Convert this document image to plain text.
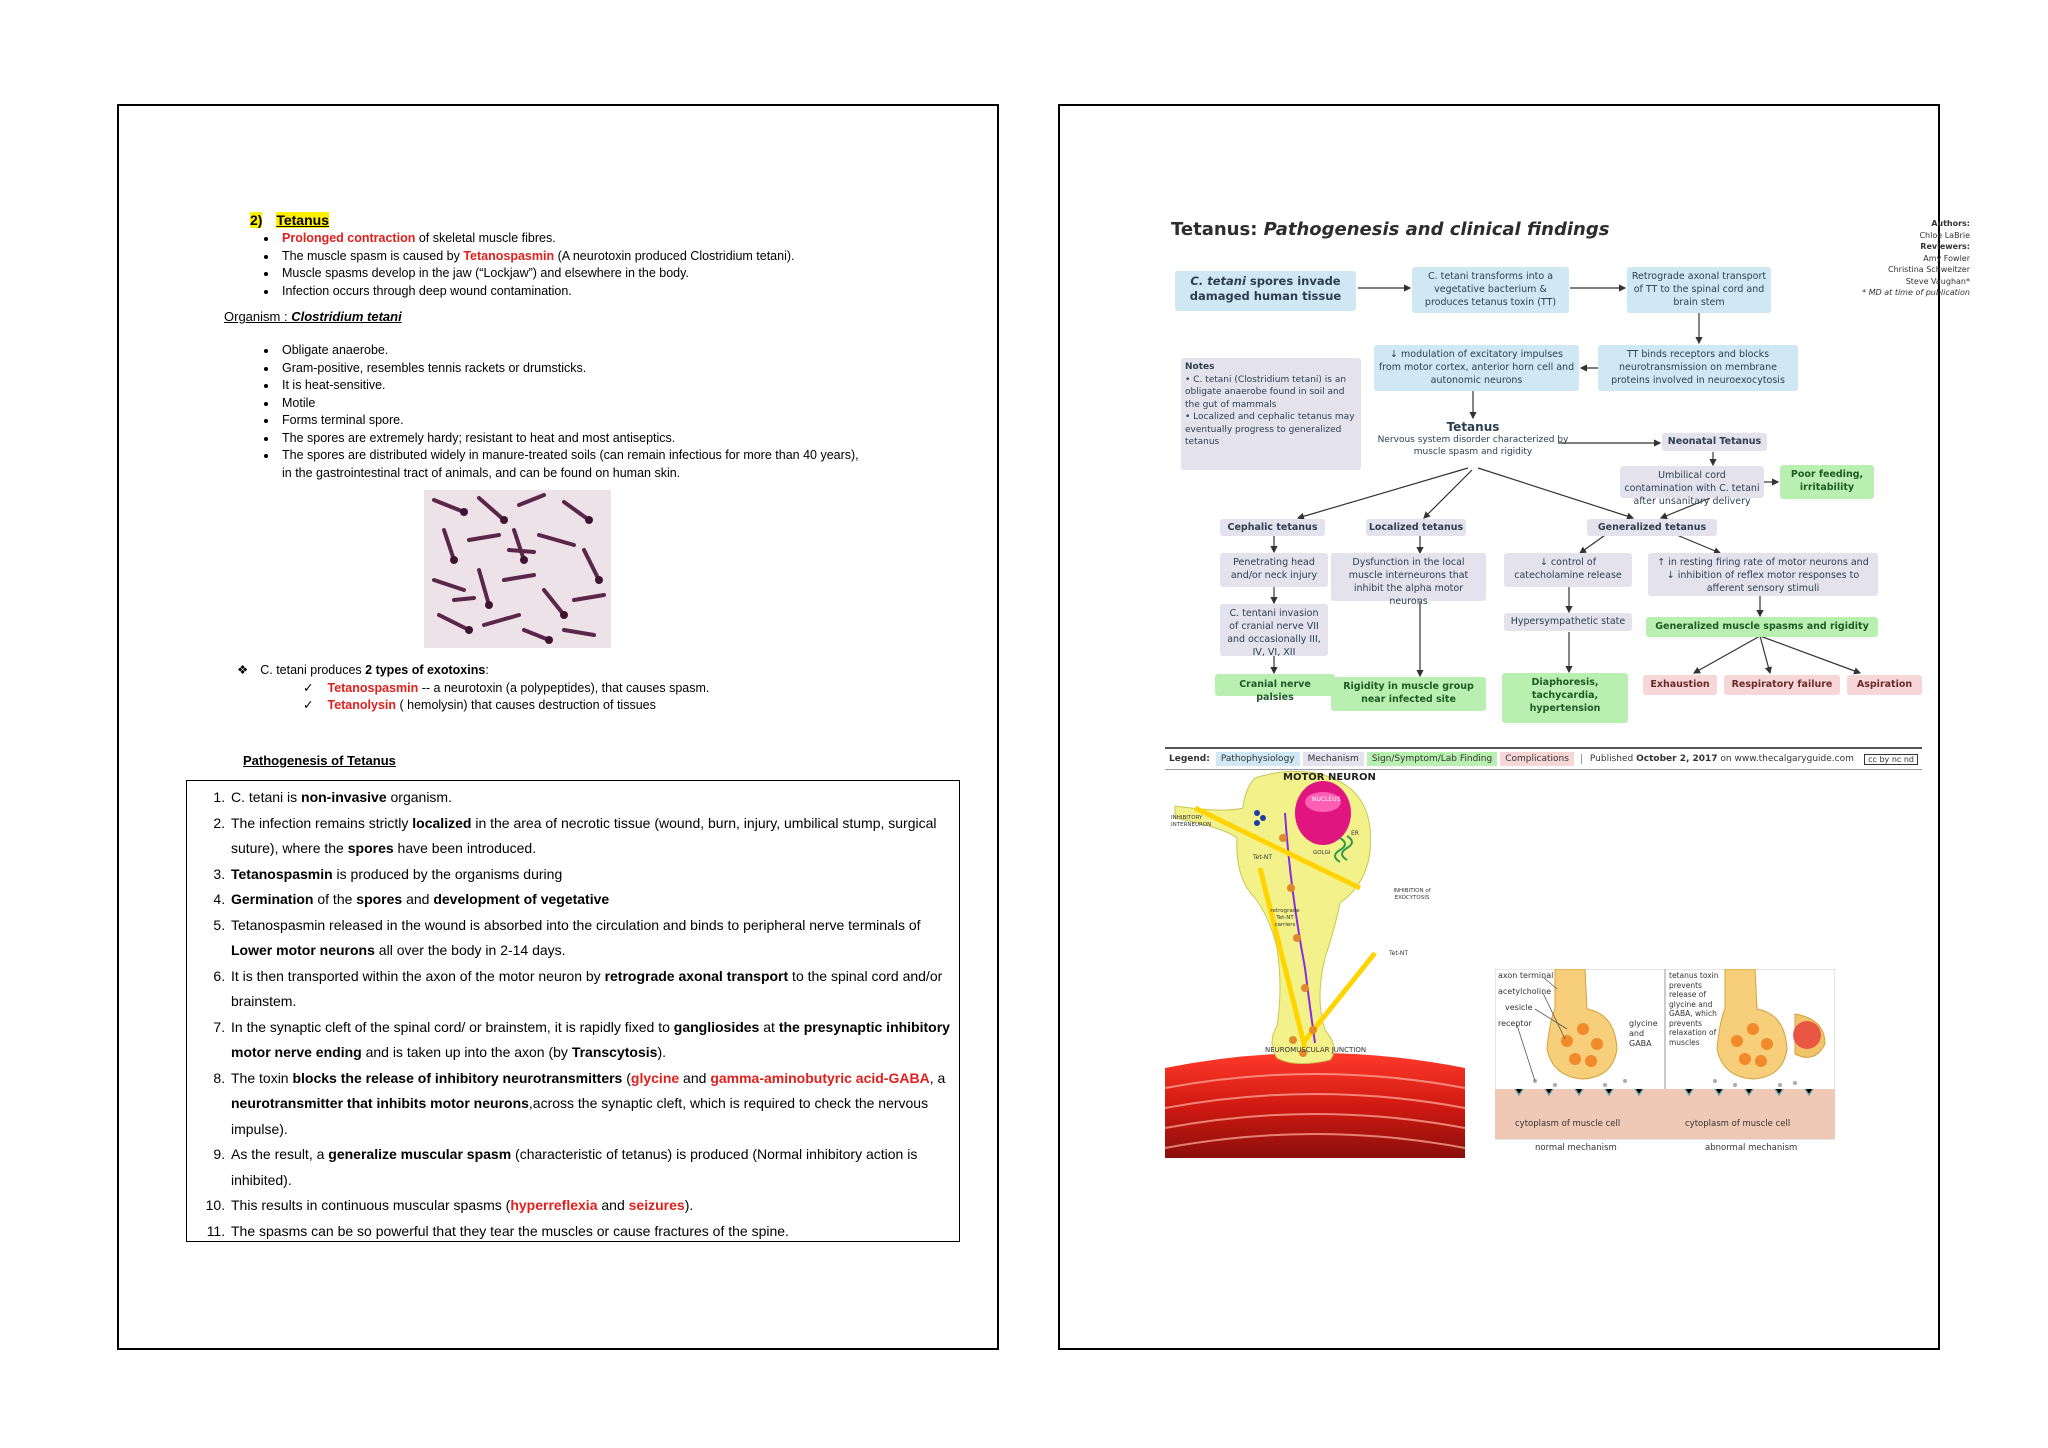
2) Tetanus
• Prolonged contraction of skeletal muscle fibres.
• The muscle spasm is caused by Tetanospasmin (A neurotoxin produced Clostridium tetani).
• Muscle spasms develop in the jaw (“Lockjaw”) and elsewhere in the body.
• Infection occurs through deep wound contamination.
Organism : Clostridium tetani
• Obligate anaerobe.
• Gram-positive, resembles tennis rackets or drumsticks.
• It is heat-sensitive.
• Motile
• Forms terminal spore.
• The spores are extremely hardy; resistant to heat and most antiseptics.
• The spores are distributed widely in manure-treated soils (can remain infectious for more than 40 years),
in the gastrointestinal tract of animals, and can be found on human skin.
❖ C. tetani produces 2 types of exotoxins:
✓ Tetanospasmin -- a neurotoxin (a polypeptides), that causes spasm.
✓ Tetanolysin ( hemolysin) that causes destruction of tissues
Pathogenesis of Tetanus
1. C. tetani is non-invasive organism.
2. The infection remains strictly localized in the area of necrotic tissue (wound, burn, injury, umbilical stump, surgical suture), where the spores have been introduced.
3. Tetanospasmin is produced by the organisms during
4. Germination of the spores and development of vegetative
5. Tetanospasmin released in the wound is absorbed into the circulation and binds to peripheral nerve terminals of Lower motor neurons all over the body in 2-14 days.
6. It is then transported within the axon of the motor neuron by retrograde axonal transport to the spinal cord and/or brainstem.
7. In the synaptic cleft of the spinal cord/ or brainstem, it is rapidly fixed to gangliosides at the presynaptic inhibitory motor nerve ending and is taken up into the axon (by Transcytosis).
8. The toxin blocks the release of inhibitory neurotransmitters (glycine and gamma-aminobutyric acid-GABA, a neurotransmitter that inhibits motor neurons,across the synaptic cleft, which is required to check the nervous impulse).
9. As the result, a generalize muscular spasm (characteristic of tetanus) is produced (Normal inhibitory action is inhibited).
10. This results in continuous muscular spasms (hyperreflexia and seizures).
11. The spasms can be so powerful that they tear the muscles or cause fractures of the spine.
Tetanus: Pathogenesis and clinical findings	Authors:
Chloe LaBrie
Reviewers:
Amy Fowler
Christina Schweitzer
Steve Vaughan*
* MD at time of publication
C. tetani spores invade damaged human tissue
C. tetani transforms into a vegetative bacterium & produces tetanus toxin (TT)
Retrograde axonal transport of TT to the spinal cord and brain stem
TT binds receptors and blocks neurotransmission on membrane proteins involved in neuroexocytosis
↓ modulation of excitatory impulses from motor cortex, anterior horn cell and autonomic neurons
Notes
• C. tetani (Clostridium tetani) is an obligate anaerobe found in soil and the gut of mammals
• Localized and cephalic tetanus may eventually progress to generalized tetanus
Tetanus
Nervous system disorder characterized by muscle spasm and rigidity
Neonatal Tetanus
Umbilical cord contamination with C. tetani after unsanitary delivery
Poor feeding, irritability
Cephalic tetanus	Localized tetanus	Generalized tetanus
Penetrating head and/or neck injury
C. tentani invasion of cranial nerve VII and occasionally III, IV, VI, XII
Dysfunction in the local muscle interneurons that inhibit the alpha motor neurons
↓ control of catecholamine release
Hypersympathetic state
↑ in resting firing rate of motor neurons and ↓ inhibition of reflex motor responses to afferent sensory stimuli
Generalized muscle spasms and rigidity
Cranial nerve palsies
Rigidity in muscle group near infected site
Diaphoresis, tachycardia, hypertension
Exhaustion	Respiratory failure	Aspiration
Legend:	Pathophysiology	Mechanism	Sign/Symptom/Lab Finding	Complications	Published October 2, 2017 on www.thecalgaryguide.com	cc by nc nd
MOTOR NEURON
NUCLEUS
INHIBITORY INTERNEURON
ER
GOLGI
Tet-NT
INHIBITION of EXOCYTOSIS
retrograde Tet-NT carriers
Tet-NT
NEUROMUSCULAR JUNCTION
axon terminal
acetylcholine
vesicle
receptor	glycine and GABA
tetanus toxin prevents release of glycine and GABA, which prevents relaxation of muscles
cytoplasm of muscle cell	cytoplasm of muscle cell
normal mechanism	abnormal mechanism
